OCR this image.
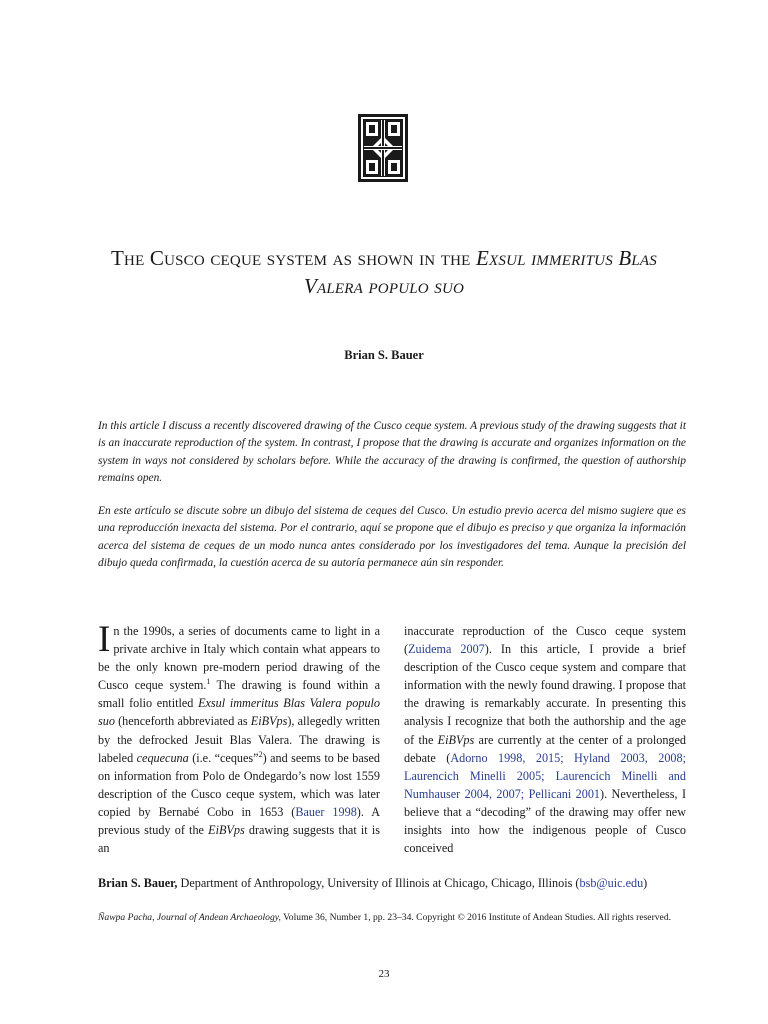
The Cusco ceque system as shown in the Exsul immeritus Blas
Valera populo suo
Brian S. Bauer

In this article I discuss a recently discovered drawing of the Cusco ceque system. A previous study of the drawing suggests that it is an inaccurate reproduction of the system. In contrast, I propose that the drawing is accurate and organizes information on the system in ways not considered by scholars before. While the accuracy of the drawing is confirmed, the question of authorship remains open.

En este artículo se discute sobre un dibujo del sistema de ceques del Cusco. Un estudio previo acerca del mismo sugiere que es una reproducción inexacta del sistema. Por el contrario, aquí se propone que el dibujo es preciso y que organiza la información acerca del sistema de ceques de un modo nunca antes considerado por los investigadores del tema. Aunque la precisión del dibujo queda confirmada, la cuestión acerca de su autoría permanece aún sin responder.

In the 1990s, a series of documents came to light in a private archive in Italy which contain what appears to be the only known pre-modern period drawing of the Cusco ceque system.$^1$ The drawing is found within a small folio entitled Exsul immeritus Blas Valera populo suo (henceforth abbreviated as EiBVps), allegedly written by the defrocked Jesuit Blas Valera. The drawing is labeled cequecuna (i.e. “ceques”$^2$) and seems to be based on information from Polo de Ondegardo’s now lost 1559 description of the Cusco ceque system, which was later copied by Bernabé Cobo in 1653 (Bauer 1998). A previous study of the EiBVps drawing suggests that it is an

inaccurate reproduction of the Cusco ceque system (Zuidema 2007). In this article, I provide a brief description of the Cusco ceque system and compare that information with the newly found drawing. I propose that the drawing is remarkably accurate. In presenting this analysis I recognize that both the authorship and the age of the EiBVps are currently at the center of a prolonged debate (Adorno 1998, 2015; Hyland 2003, 2008; Laurencich Minelli 2005; Laurencich Minelli and Numhauser 2004, 2007; Pellicani 2001). Nevertheless, I believe that a “decoding” of the drawing may offer new insights into how the indigenous people of Cusco conceived

Brian S. Bauer, Department of Anthropology, University of Illinois at Chicago, Chicago, Illinois (bsb@uic.edu)
Ñawpa Pacha, Journal of Andean Archaeology, Volume 36, Number 1, pp. 23–34. Copyright © 2016 Institute of Andean Studies. All rights reserved.
23
